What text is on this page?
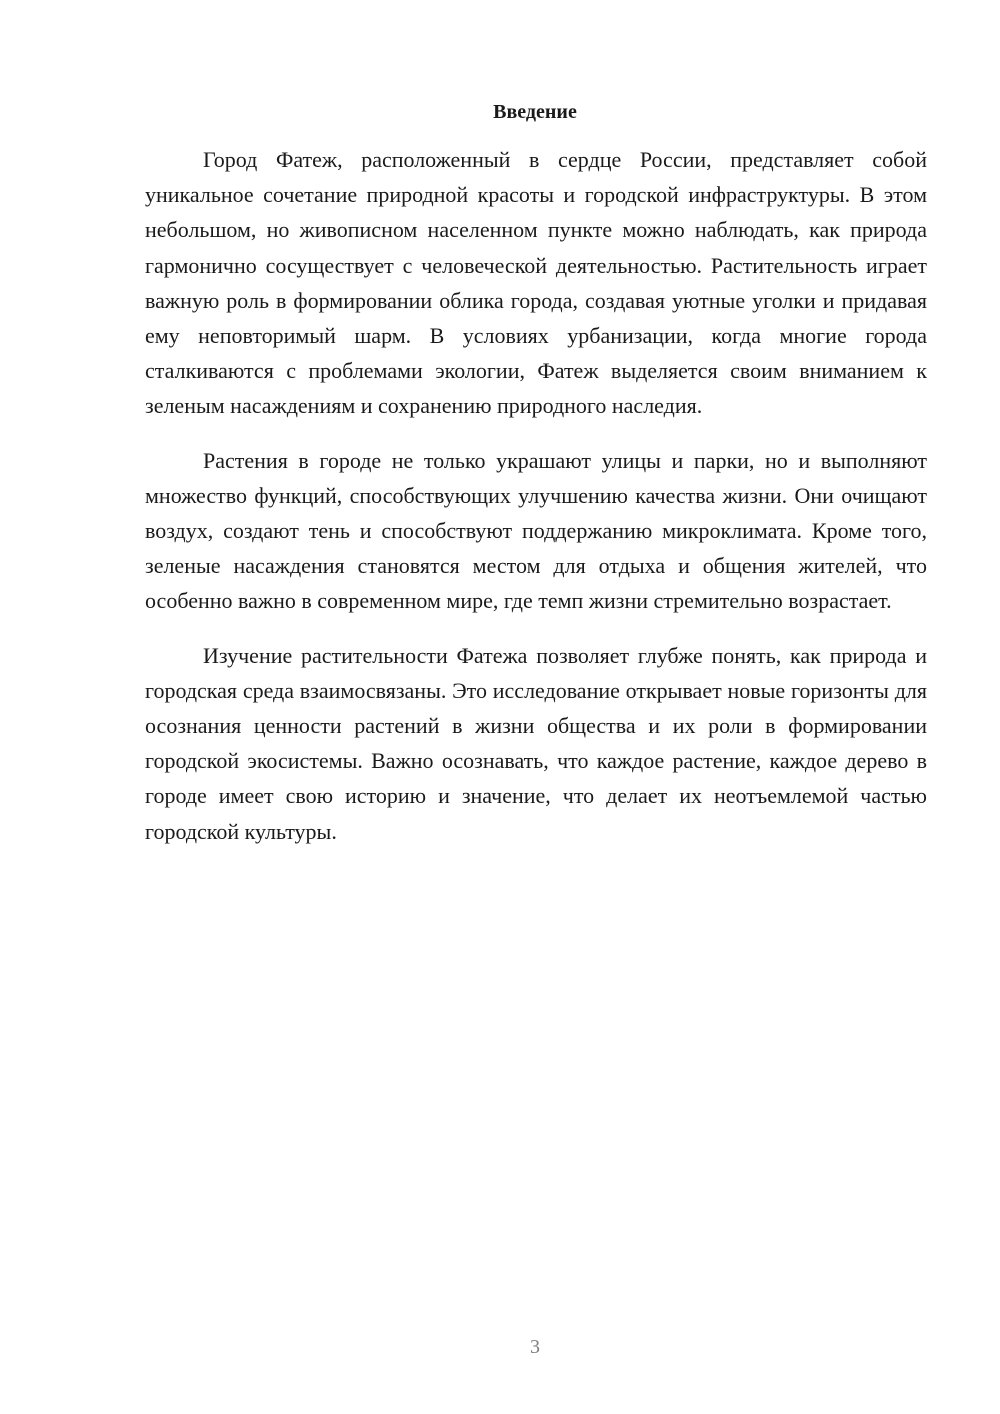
Введение

Город Фатеж, расположенный в сердце России, представляет собой уникальное сочетание природной красоты и городской инфраструктуры. В этом небольшом, но живописном населенном пункте можно наблюдать, как природа гармонично сосуществует с человеческой деятельностью. Растительность играет важную роль в формировании облика города, создавая уютные уголки и придавая ему неповторимый шарм. В условиях урбанизации, когда многие города сталкиваются с проблемами экологии, Фатеж выделяется своим вниманием к зеленым насаждениям и сохранению природного наследия.

Растения в городе не только украшают улицы и парки, но и выполняют множество функций, способствующих улучшению качества жизни. Они очищают воздух, создают тень и способствуют поддержанию микроклимата. Кроме того, зеленые насаждения становятся местом для отдыха и общения жителей, что особенно важно в современном мире, где темп жизни стремительно возрастает.

Изучение растительности Фатежа позволяет глубже понять, как природа и городская среда взаимосвязаны. Это исследование открывает новые горизонты для осознания ценности растений в жизни общества и их роли в формировании городской экосистемы. Важно осознавать, что каждое растение, каждое дерево в городе имеет свою историю и значение, что делает их неотъемлемой частью городской культуры.

3
